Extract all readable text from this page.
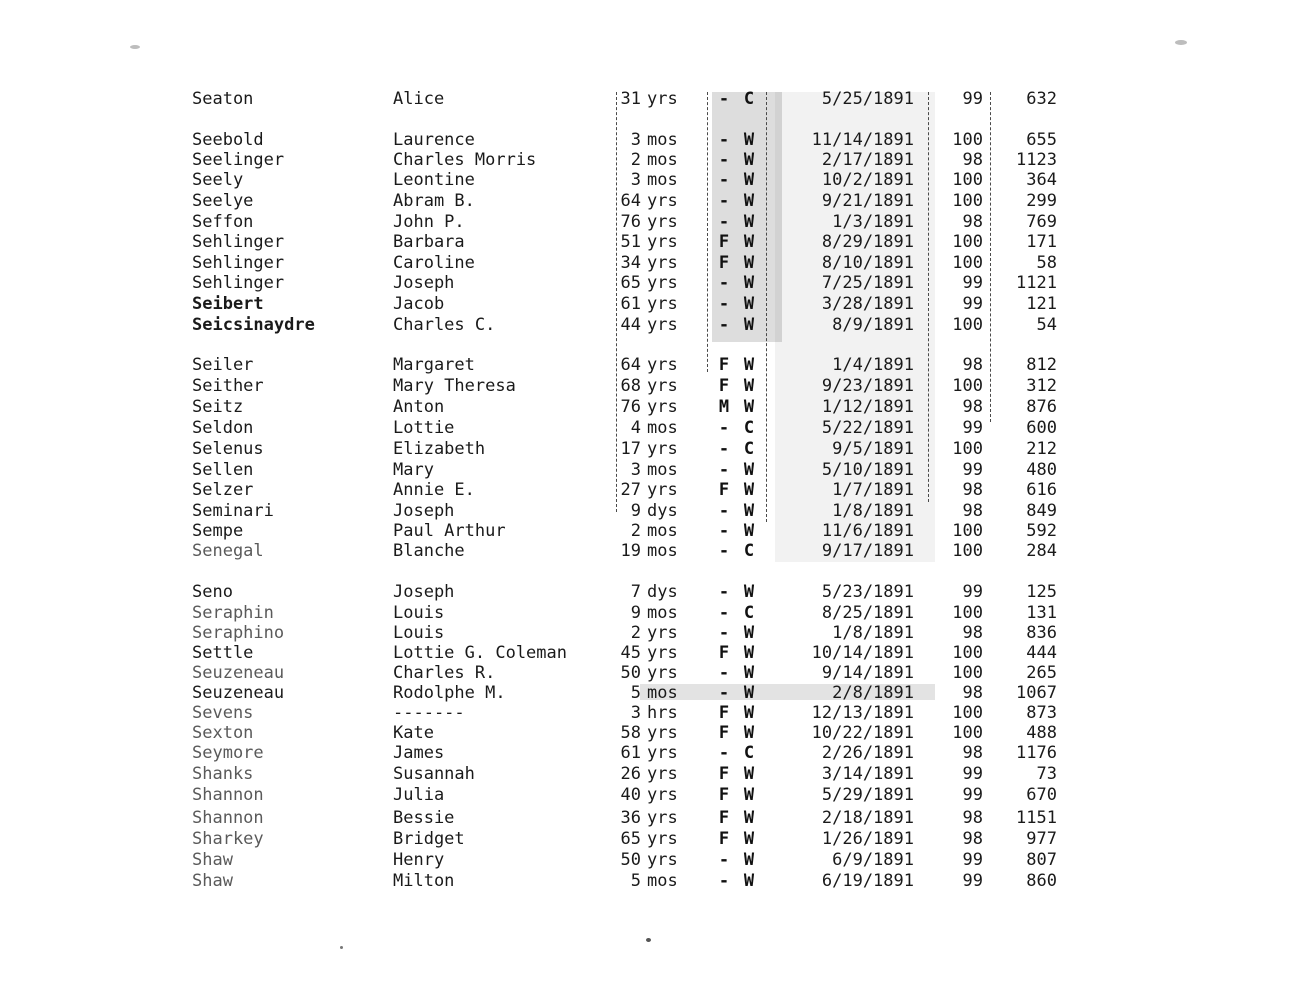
Seaton	Alice	31 yrs - C	5/25/1891	99	632
Seebold	Laurence	3 mos - W	11/14/1891	100	655
Seelinger	Charles Morris	2 mos - W	2/17/1891	98	1123
Seely	Leontine	3 mos - W	10/2/1891	100	364
Seelye	Abram B.	64 yrs - W	9/21/1891	100	299
Seffon	John P.	76 yrs - W	1/3/1891	98	769
Sehlinger	Barbara	51 yrs F W	8/29/1891	100	171
Sehlinger	Caroline	34 yrs F W	8/10/1891	100	58
Sehlinger	Joseph	65 yrs - W	7/25/1891	99	1121
Seibert	Jacob	61 yrs - W	3/28/1891	99	121
Seicsinaydre	Charles C.	44 yrs - W	8/9/1891	100	54
Seiler	Margaret	64 yrs F W	1/4/1891	98	812
Seither	Mary Theresa	68 yrs F W	9/23/1891	100	312
Seitz	Anton	76 yrs M W	1/12/1891	98	876
Seldon	Lottie	4 mos - C	5/22/1891	99	600
Selenus	Elizabeth	17 yrs - C	9/5/1891	100	212
Sellen	Mary	3 mos - W	5/10/1891	99	480
Selzer	Annie E.	27 yrs F W	1/7/1891	98	616
Seminari	Joseph	9 dys - W	1/8/1891	98	849
Sempe	Paul Arthur	2 mos - W	11/6/1891	100	592
Senegal	Blanche	19 mos - C	9/17/1891	100	284
Seno	Joseph	7 dys - W	5/23/1891	99	125
Seraphin	Louis	9 mos - C	8/25/1891	100	131
Seraphino	Louis	2 yrs - W	1/8/1891	98	836
Settle	Lottie G. Coleman	45 yrs F W	10/14/1891	100	444
Seuzeneau	Charles R.	50 yrs - W	9/14/1891	100	265
Seuzeneau	Rodolphe M.	5 mos - W	2/8/1891	98	1067
Sevens	-------	3 hrs F W	12/13/1891	100	873
Sexton	Kate	58 yrs F W	10/22/1891	100	488
Seymore	James	61 yrs - C	2/26/1891	98	1176
Shanks	Susannah	26 yrs F W	3/14/1891	99	73
Shannon	Julia	40 yrs F W	5/29/1891	99	670
Shannon	Bessie	36 yrs F W	2/18/1891	98	1151
Sharkey	Bridget	65 yrs F W	1/26/1891	98	977
Shaw	Henry	50 yrs - W	6/9/1891	99	807
Shaw	Milton	5 mos - W	6/19/1891	99	860
